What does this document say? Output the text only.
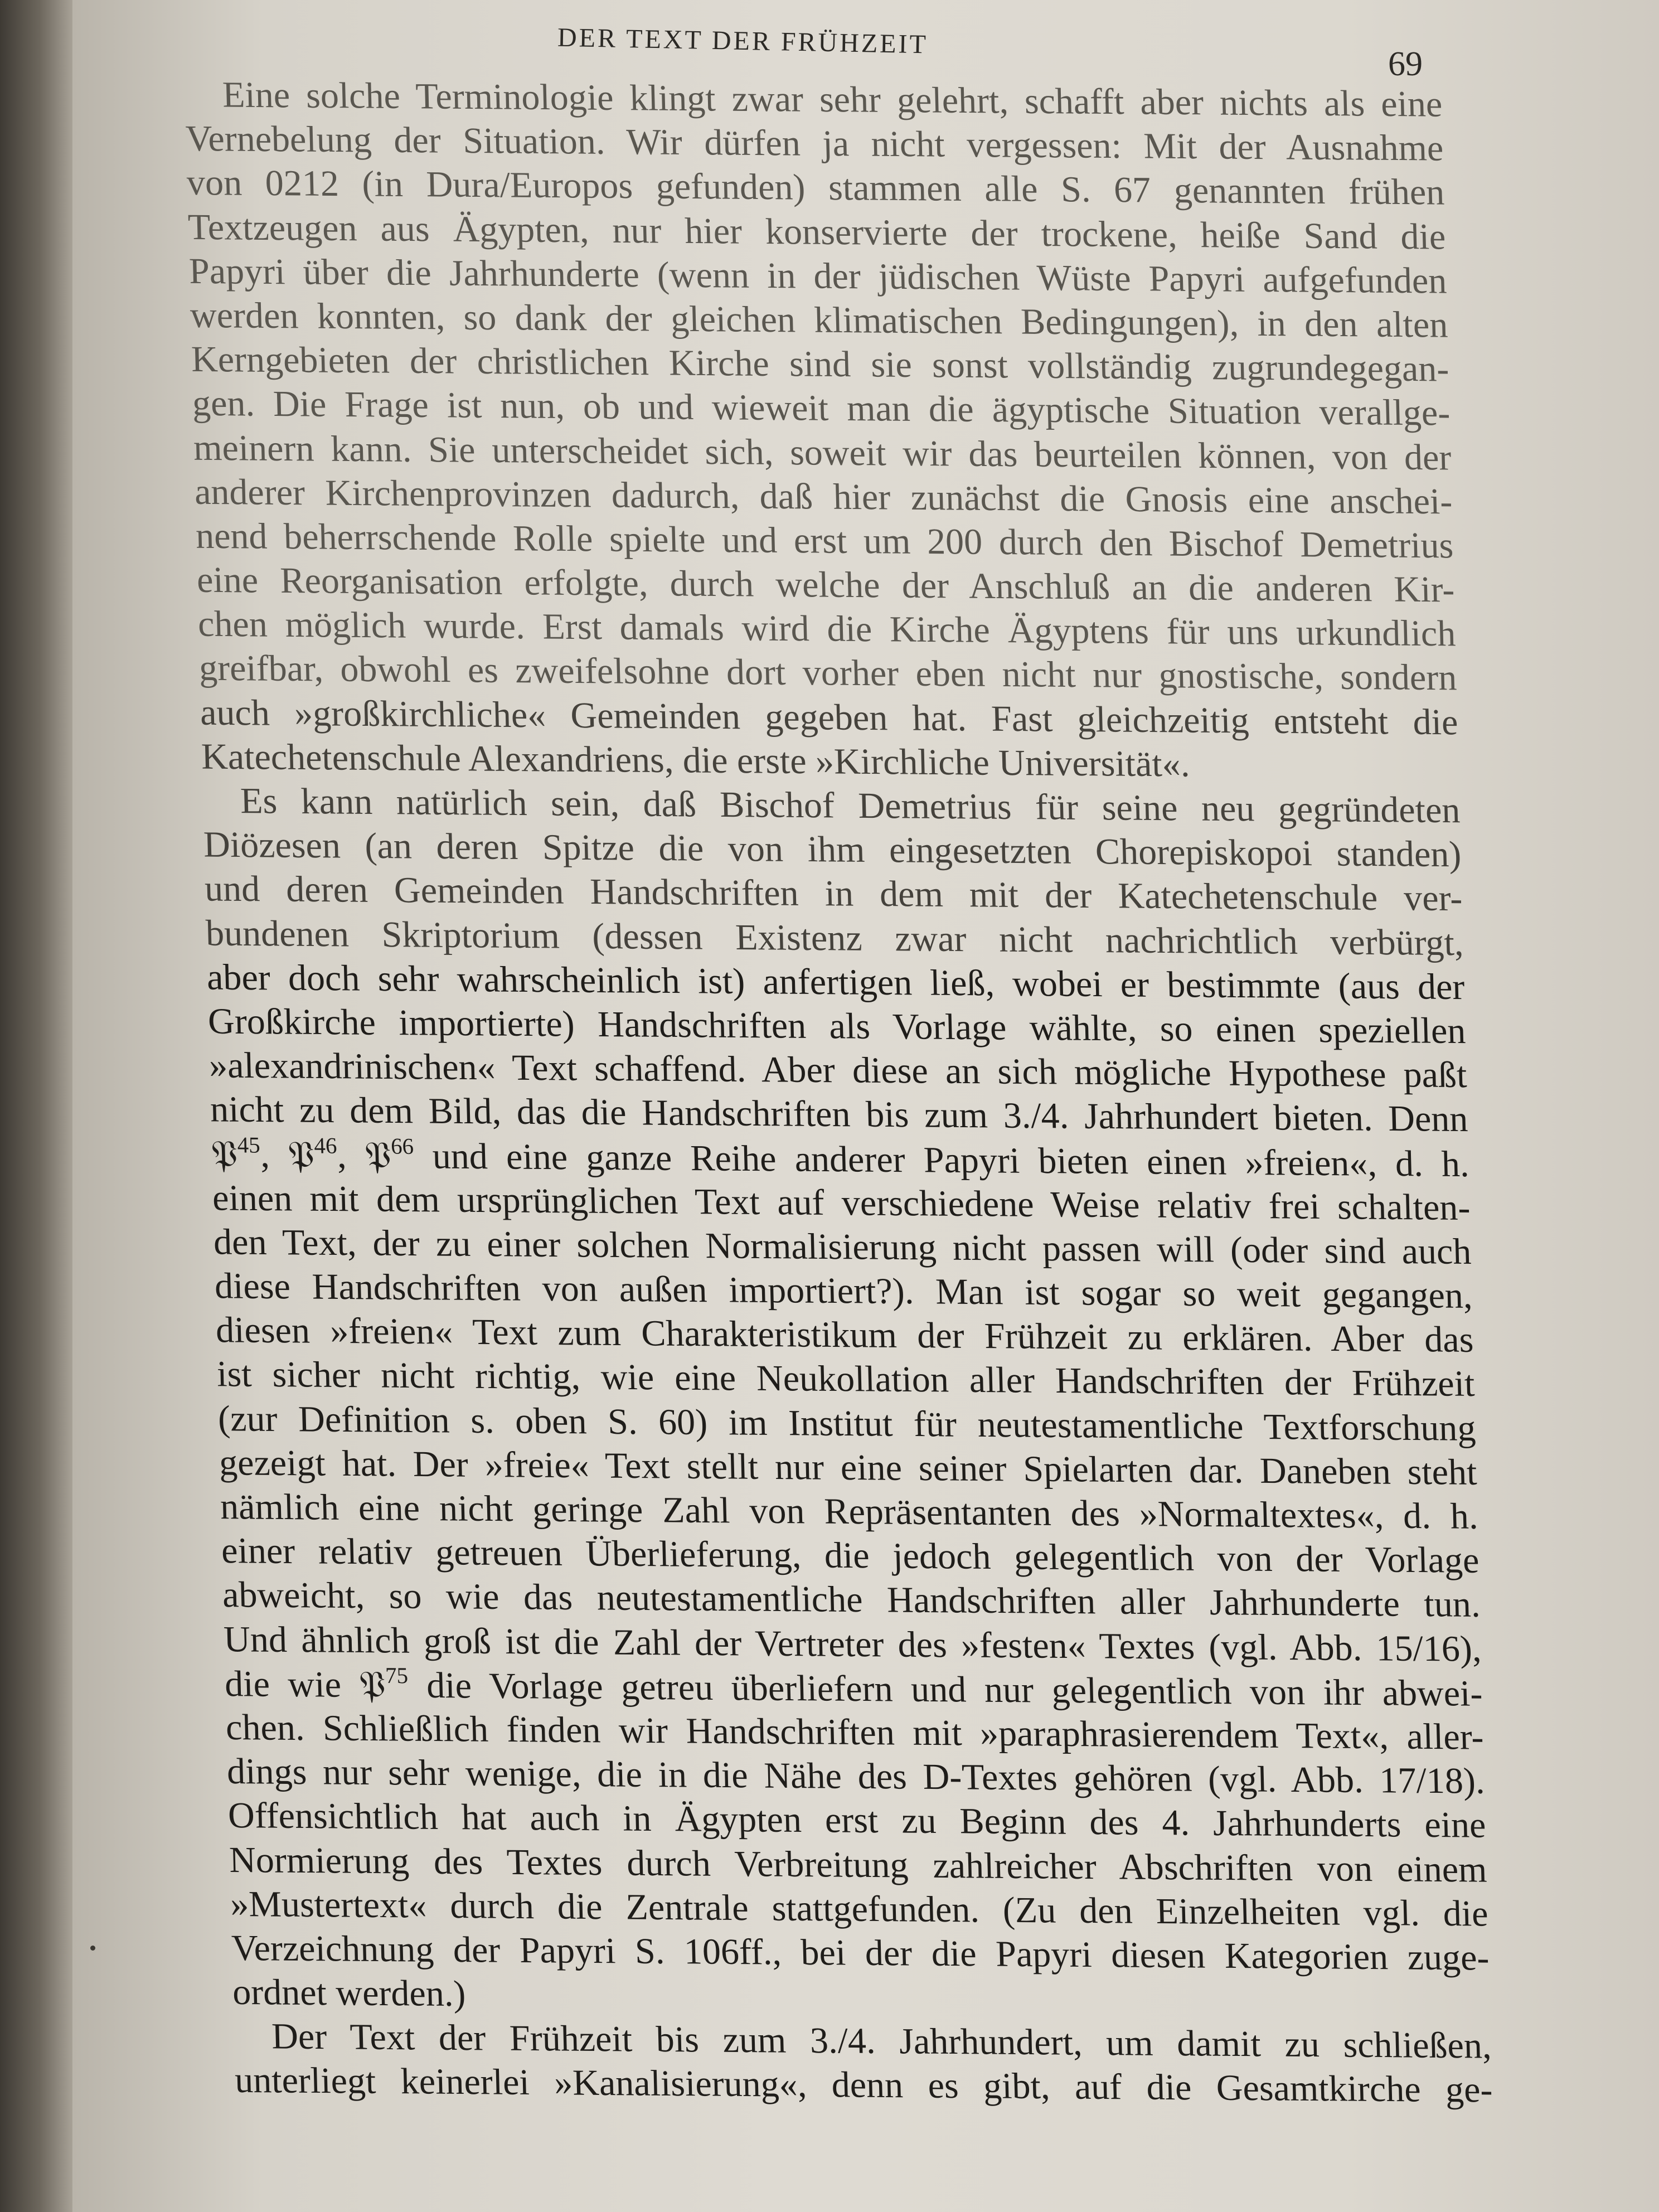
DER TEXT DER FRÜHZEIT
69
Eine solche Terminologie klingt zwar sehr gelehrt, schafft aber nichts als eine
Vernebelung der Situation. Wir dürfen ja nicht vergessen: Mit der Ausnahme
von 0212 (in Dura/Europos gefunden) stammen alle S. 67 genannten frühen
Textzeugen aus Ägypten, nur hier konservierte der trockene, heiße Sand die
Papyri über die Jahrhunderte (wenn in der jüdischen Wüste Papyri aufgefunden
werden konnten, so dank der gleichen klimatischen Bedingungen), in den alten
Kerngebieten der christlichen Kirche sind sie sonst vollständig zugrundegegan-
gen. Die Frage ist nun, ob und wieweit man die ägyptische Situation verallge-
meinern kann. Sie unterscheidet sich, soweit wir das beurteilen können, von der
anderer Kirchenprovinzen dadurch, daß hier zunächst die Gnosis eine anschei-
nend beherrschende Rolle spielte und erst um 200 durch den Bischof Demetrius
eine Reorganisation erfolgte, durch welche der Anschluß an die anderen Kir-
chen möglich wurde. Erst damals wird die Kirche Ägyptens für uns urkundlich
greifbar, obwohl es zweifelsohne dort vorher eben nicht nur gnostische, sondern
auch »großkirchliche« Gemeinden gegeben hat. Fast gleichzeitig entsteht die
Katechetenschule Alexandriens, die erste »Kirchliche Universität«.
Es kann natürlich sein, daß Bischof Demetrius für seine neu gegründeten
Diözesen (an deren Spitze die von ihm eingesetzten Chorepiskopoi standen)
und deren Gemeinden Handschriften in dem mit der Katechetenschule ver-
bundenen Skriptorium (dessen Existenz zwar nicht nachrichtlich verbürgt,
aber doch sehr wahrscheinlich ist) anfertigen ließ, wobei er bestimmte (aus der
Großkirche importierte) Handschriften als Vorlage wählte, so einen speziellen
»alexandrinischen« Text schaffend. Aber diese an sich mögliche Hypothese paßt
nicht zu dem Bild, das die Handschriften bis zum 3./4. Jahrhundert bieten. Denn
𝔓$^{45}$, 𝔓$^{46}$, 𝔓$^{66}$ und eine ganze Reihe anderer Papyri bieten einen »freien«, d. h.
einen mit dem ursprünglichen Text auf verschiedene Weise relativ frei schalten-
den Text, der zu einer solchen Normalisierung nicht passen will (oder sind auch
diese Handschriften von außen importiert?). Man ist sogar so weit gegangen,
diesen »freien« Text zum Charakteristikum der Frühzeit zu erklären. Aber das
ist sicher nicht richtig, wie eine Neukollation aller Handschriften der Frühzeit
(zur Definition s. oben S. 60) im Institut für neutestamentliche Textforschung
gezeigt hat. Der »freie« Text stellt nur eine seiner Spielarten dar. Daneben steht
nämlich eine nicht geringe Zahl von Repräsentanten des »Normaltextes«, d. h.
einer relativ getreuen Überlieferung, die jedoch gelegentlich von der Vorlage
abweicht, so wie das neutestamentliche Handschriften aller Jahrhunderte tun.
Und ähnlich groß ist die Zahl der Vertreter des »festen« Textes (vgl. Abb. 15/16),
die wie 𝔓$^{75}$ die Vorlage getreu überliefern und nur gelegentlich von ihr abwei-
chen. Schließlich finden wir Handschriften mit »paraphrasierendem Text«, aller-
dings nur sehr wenige, die in die Nähe des D-Textes gehören (vgl. Abb. 17/18).
Offensichtlich hat auch in Ägypten erst zu Beginn des 4. Jahrhunderts eine
Normierung des Textes durch Verbreitung zahlreicher Abschriften von einem
»Mustertext« durch die Zentrale stattgefunden. (Zu den Einzelheiten vgl. die
Verzeichnung der Papyri S. 106ff., bei der die Papyri diesen Kategorien zuge-
ordnet werden.)
Der Text der Frühzeit bis zum 3./4. Jahrhundert, um damit zu schließen,
unterliegt keinerlei »Kanalisierung«, denn es gibt, auf die Gesamtkirche ge-
